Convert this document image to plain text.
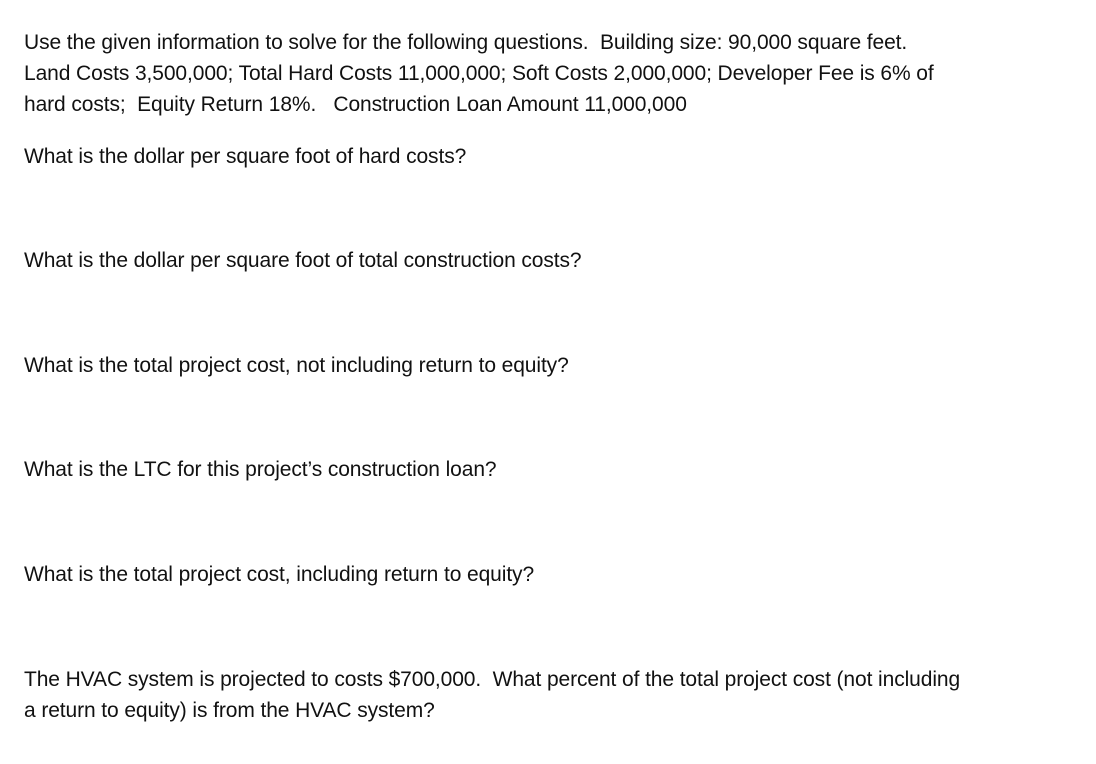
Use the given information to solve for the following questions.  Building size: 90,000 square feet.
Land Costs 3,500,000; Total Hard Costs 11,000,000; Soft Costs 2,000,000; Developer Fee is 6% of
hard costs;  Equity Return 18%.   Construction Loan Amount 11,000,000

What is the dollar per square foot of hard costs?

What is the dollar per square foot of total construction costs?

What is the total project cost, not including return to equity?

What is the LTC for this project’s construction loan?

What is the total project cost, including return to equity?

The HVAC system is projected to costs $700,000.  What percent of the total project cost (not including
a return to equity) is from the HVAC system?
